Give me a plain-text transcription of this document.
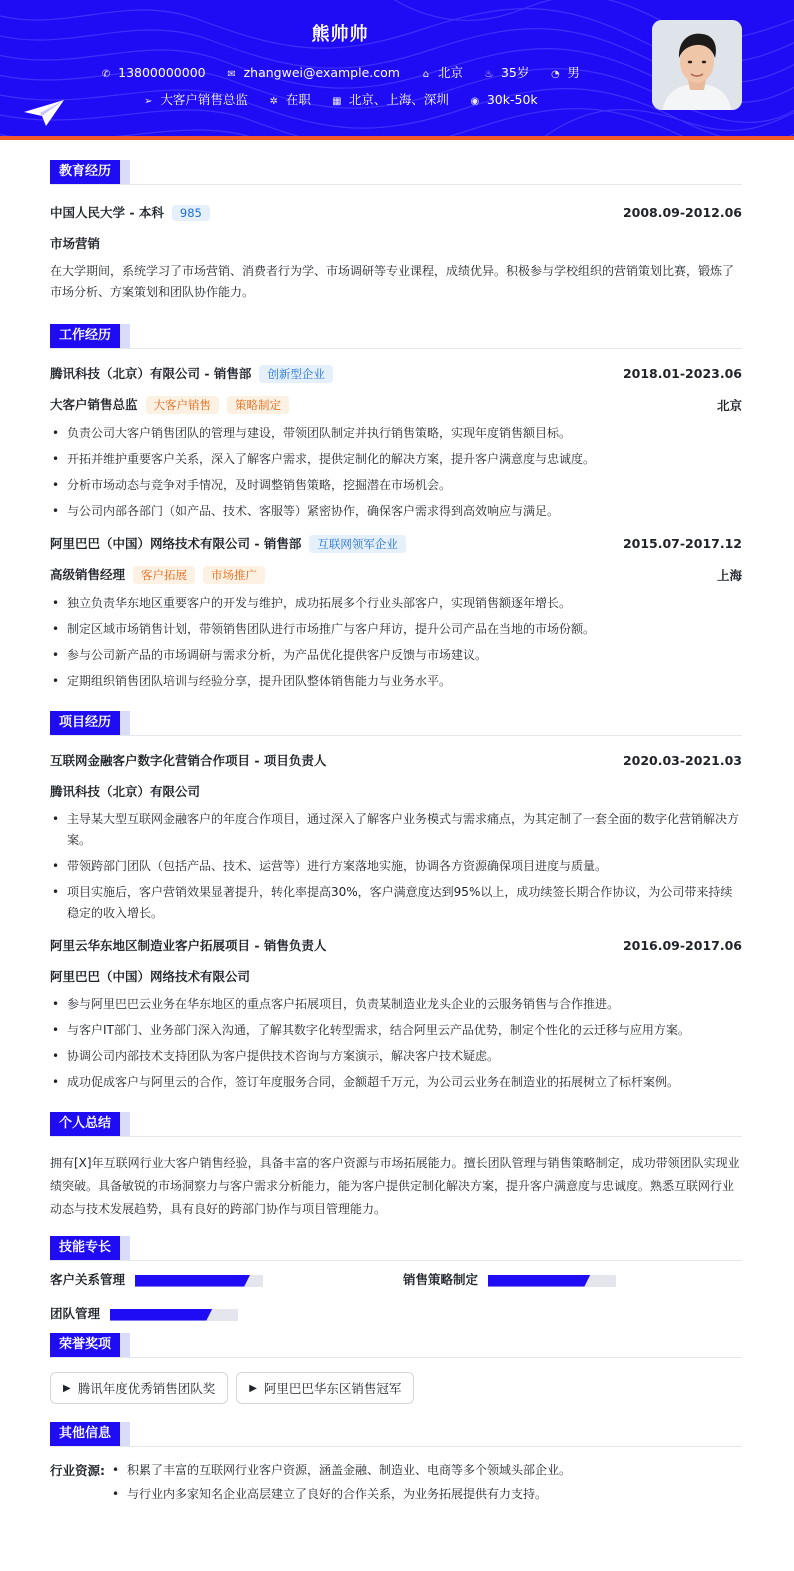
熊帅帅
✆ 13800000000 ✉ zhangwei@example.com ⌂ 北京 ♨ 35岁 ◔ 男
➢ 大客户销售总监 ✲ 在职 ▦ 北京、上海、深圳 ◉ 30k-50k
教育经历
中国人民大学 - 本科 985	2008.09-2012.06
市场营销
在大学期间，系统学习了市场营销、消费者行为学、市场调研等专业课程，成绩优异。积极参与学校组织的营销策划比赛，锻炼了市场分析、方案策划和团队协作能力。
工作经历
腾讯科技（北京）有限公司 - 销售部 创新型企业	2018.01-2023.06
大客户销售总监 大客户销售 策略制定	北京
• 负责公司大客户销售团队的管理与建设，带领团队制定并执行销售策略，实现年度销售额目标。
• 开拓并维护重要客户关系，深入了解客户需求，提供定制化的解决方案，提升客户满意度与忠诚度。
• 分析市场动态与竞争对手情况，及时调整销售策略，挖掘潜在市场机会。
• 与公司内部各部门（如产品、技术、客服等）紧密协作，确保客户需求得到高效响应与满足。
阿里巴巴（中国）网络技术有限公司 - 销售部 互联网领军企业	2015.07-2017.12
高级销售经理 客户拓展 市场推广	上海
• 独立负责华东地区重要客户的开发与维护，成功拓展多个行业头部客户，实现销售额逐年增长。
• 制定区域市场销售计划，带领销售团队进行市场推广与客户拜访，提升公司产品在当地的市场份额。
• 参与公司新产品的市场调研与需求分析，为产品优化提供客户反馈与市场建议。
• 定期组织销售团队培训与经验分享，提升团队整体销售能力与业务水平。
项目经历
互联网金融客户数字化营销合作项目 - 项目负责人	2020.03-2021.03
腾讯科技（北京）有限公司
• 主导某大型互联网金融客户的年度合作项目，通过深入了解客户业务模式与需求痛点，为其定制了一套全面的数字化营销解决方案。
• 带领跨部门团队（包括产品、技术、运营等）进行方案落地实施，协调各方资源确保项目进度与质量。
• 项目实施后，客户营销效果显著提升，转化率提高30%，客户满意度达到95%以上，成功续签长期合作协议，为公司带来持续稳定的收入增长。
阿里云华东地区制造业客户拓展项目 - 销售负责人	2016.09-2017.06
阿里巴巴（中国）网络技术有限公司
• 参与阿里巴巴云业务在华东地区的重点客户拓展项目，负责某制造业龙头企业的云服务销售与合作推进。
• 与客户IT部门、业务部门深入沟通，了解其数字化转型需求，结合阿里云产品优势，制定个性化的云迁移与应用方案。
• 协调公司内部技术支持团队为客户提供技术咨询与方案演示，解决客户技术疑虑。
• 成功促成客户与阿里云的合作，签订年度服务合同，金额超千万元，为公司云业务在制造业的拓展树立了标杆案例。
个人总结
拥有[X]年互联网行业大客户销售经验，具备丰富的客户资源与市场拓展能力。擅长团队管理与销售策略制定，成功带领团队实现业绩突破。具备敏锐的市场洞察力与客户需求分析能力，能为客户提供定制化解决方案，提升客户满意度与忠诚度。熟悉互联网行业动态与技术发展趋势，具有良好的跨部门协作与项目管理能力。
技能专长
客户关系管理	销售策略制定
团队管理
荣誉奖项
▶ 腾讯年度优秀销售团队奖	▶ 阿里巴巴华东区销售冠军
其他信息
行业资源:
•	积累了丰富的互联网行业客户资源，涵盖金融、制造业、电商等多个领域头部企业。
• 与行业内多家知名企业高层建立了良好的合作关系，为业务拓展提供有力支持。
